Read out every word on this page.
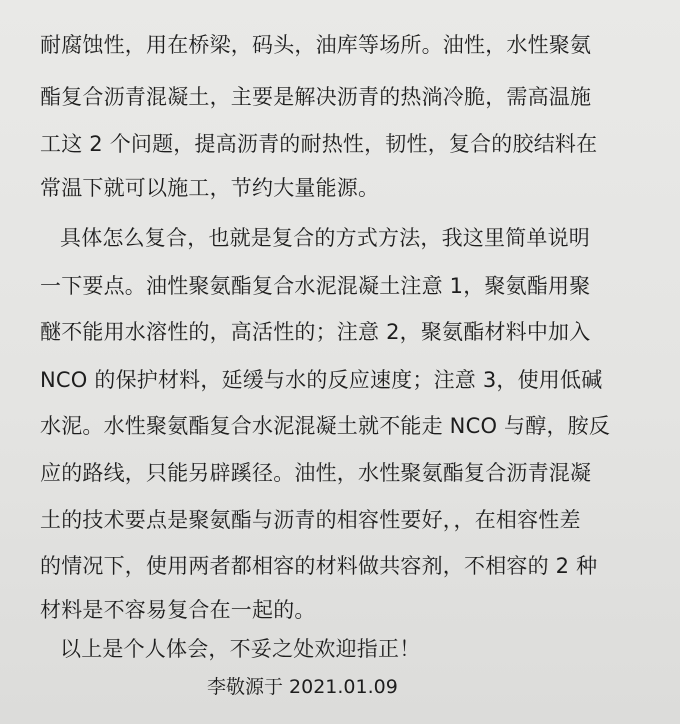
耐腐蚀性，用在桥梁，码头，油库等场所。油性，水性聚氨
酯复合沥青混凝土，主要是解决沥青的热淌冷脆，需高温施
工这 2 个问题，提高沥青的耐热性，韧性，复合的胶结料在
常温下就可以施工，节约大量能源。
具体怎么复合，也就是复合的方式方法，我这里简单说明
一下要点。油性聚氨酯复合水泥混凝土注意 1，聚氨酯用聚
醚不能用水溶性的，高活性的；注意 2，聚氨酯材料中加入
NCO 的保护材料，延缓与水的反应速度；注意 3，使用低碱
水泥。水性聚氨酯复合水泥混凝土就不能走 NCO 与醇，胺反
应的路线，只能另辟蹊径。油性，水性聚氨酯复合沥青混凝
土的技术要点是聚氨酯与沥青的相容性要好，，在相容性差
的情况下，使用两者都相容的材料做共容剂，不相容的 2 种
材料是不容易复合在一起的。
以上是个人体会，不妥之处欢迎指正！
李敬源于 2021.01.09
